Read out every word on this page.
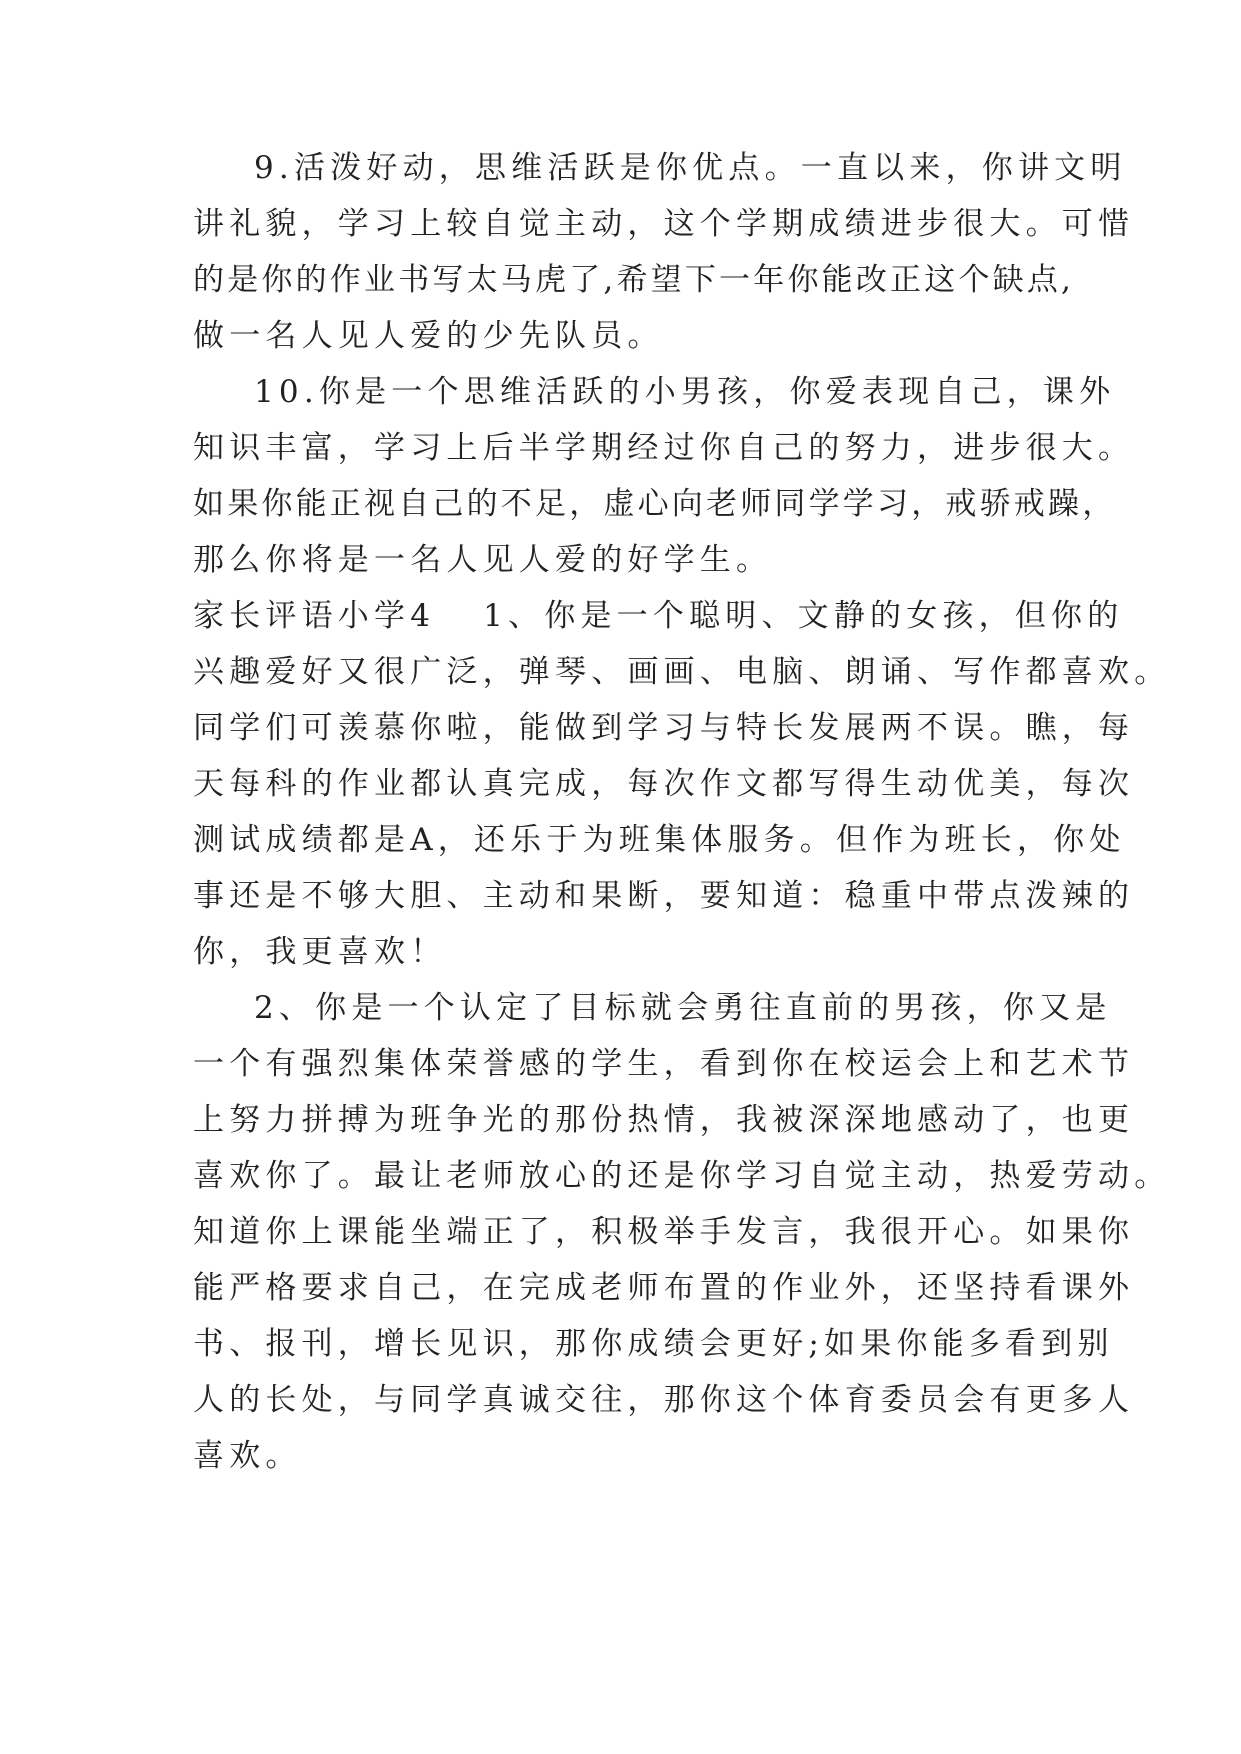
9.活泼好动，思维活跃是你优点。一直以来，你讲文明
讲礼貌，学习上较自觉主动，这个学期成绩进步很大。可惜
的是你的作业书写太马虎了,希望下一年你能改正这个缺点,
做一名人见人爱的少先队员。
10.你是一个思维活跃的小男孩，你爱表现自己，课外
知识丰富，学习上后半学期经过你自己的努力，进步很大。
如果你能正视自己的不足，虚心向老师同学学习，戒骄戒躁，
那么你将是一名人见人爱的好学生。
家长评语小学4 1、你是一个聪明、文静的女孩，但你的
兴趣爱好又很广泛，弹琴、画画、电脑、朗诵、写作都喜欢。
同学们可羡慕你啦，能做到学习与特长发展两不误。瞧，每
天每科的作业都认真完成，每次作文都写得生动优美，每次
测试成绩都是A，还乐于为班集体服务。但作为班长，你处
事还是不够大胆、主动和果断，要知道：稳重中带点泼辣的
你，我更喜欢！
2、你是一个认定了目标就会勇往直前的男孩，你又是
一个有强烈集体荣誉感的学生，看到你在校运会上和艺术节
上努力拼搏为班争光的那份热情，我被深深地感动了，也更
喜欢你了。最让老师放心的还是你学习自觉主动，热爱劳动。
知道你上课能坐端正了，积极举手发言，我很开心。如果你
能严格要求自己，在完成老师布置的作业外，还坚持看课外
书、报刊，增长见识，那你成绩会更好;如果你能多看到别
人的长处，与同学真诚交往，那你这个体育委员会有更多人
喜欢。
